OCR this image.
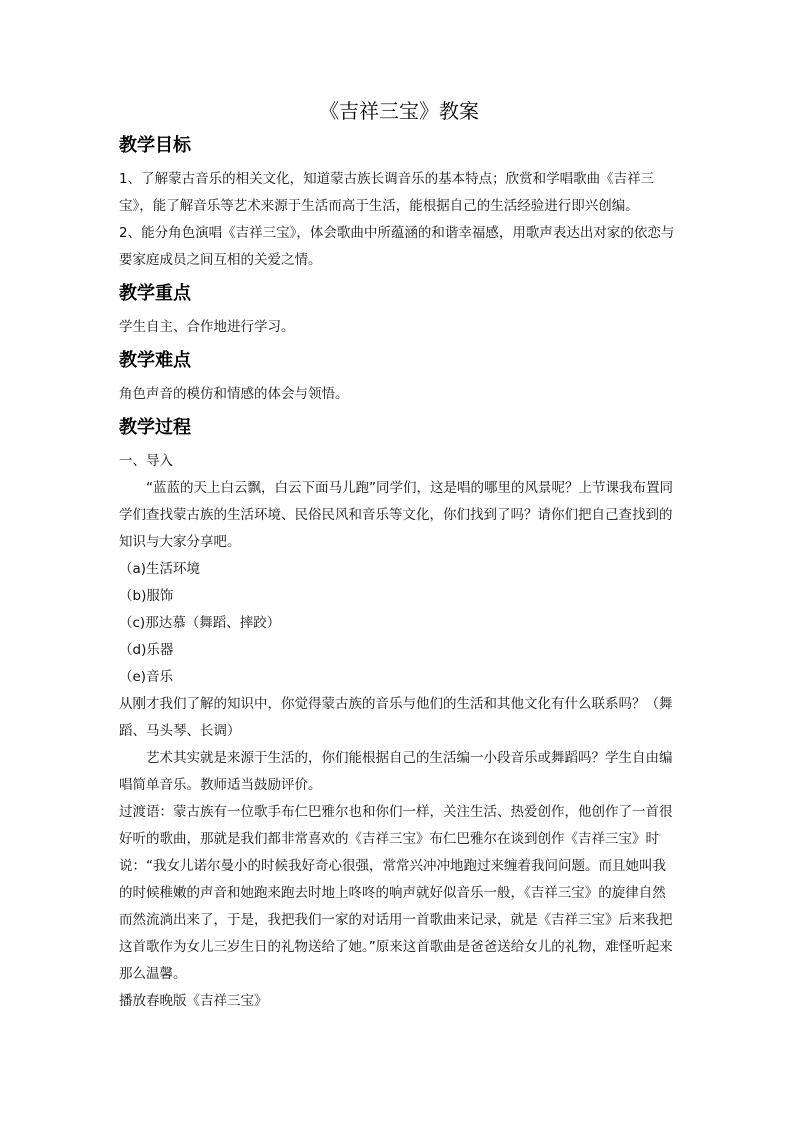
《吉祥三宝》教案
教学目标

1、了解蒙古音乐的相关文化，知道蒙古族长调音乐的基本特点；欣赏和学唱歌曲《吉祥三宝》，能了解音乐等艺术来源于生活而高于生活，能根据自己的生活经验进行即兴创编。

2、能分角色演唱《吉祥三宝》，体会歌曲中所蕴涵的和谐幸福感，用歌声表达出对家的依恋与要家庭成员之间互相的关爱之情。

教学重点

学生自主、合作地进行学习。

教学难点

角色声音的模仿和情感的体会与领悟。

教学过程

一、导入

“蓝蓝的天上白云飘，白云下面马儿跑”同学们，这是唱的哪里的风景呢？上节课我布置同学们查找蒙古族的生活环境、民俗民风和音乐等文化，你们找到了吗？请你们把自己查找到的知识与大家分享吧。

（a)生活环境

（b)服饰

（c)那达慕（舞蹈、摔跤）

（d)乐器

（e)音乐

从刚才我们了解的知识中，你觉得蒙古族的音乐与他们的生活和其他文化有什么联系吗？（舞蹈、马头琴、长调）

艺术其实就是来源于生活的，你们能根据自己的生活编一小段音乐或舞蹈吗？学生自由编唱简单音乐。教师适当鼓励评价。

过渡语：蒙古族有一位歌手布仁巴雅尔也和你们一样，关注生活、热爱创作，他创作了一首很好听的歌曲，那就是我们都非常喜欢的《吉祥三宝》布仁巴雅尔在谈到创作《吉祥三宝》时说：“我女儿诺尔曼小的时候我好奇心很强，常常兴冲冲地跑过来缠着我问问题。而且她叫我的时候稚嫩的声音和她跑来跑去时地上咚咚的响声就好似音乐一般，《吉祥三宝》的旋律自然而然流淌出来了，于是，我把我们一家的对话用一首歌曲来记录，就是《吉祥三宝》后来我把这首歌作为女儿三岁生日的礼物送给了她。”原来这首歌曲是爸爸送给女儿的礼物，难怪听起来那么温馨。

播放春晚版《吉祥三宝》
